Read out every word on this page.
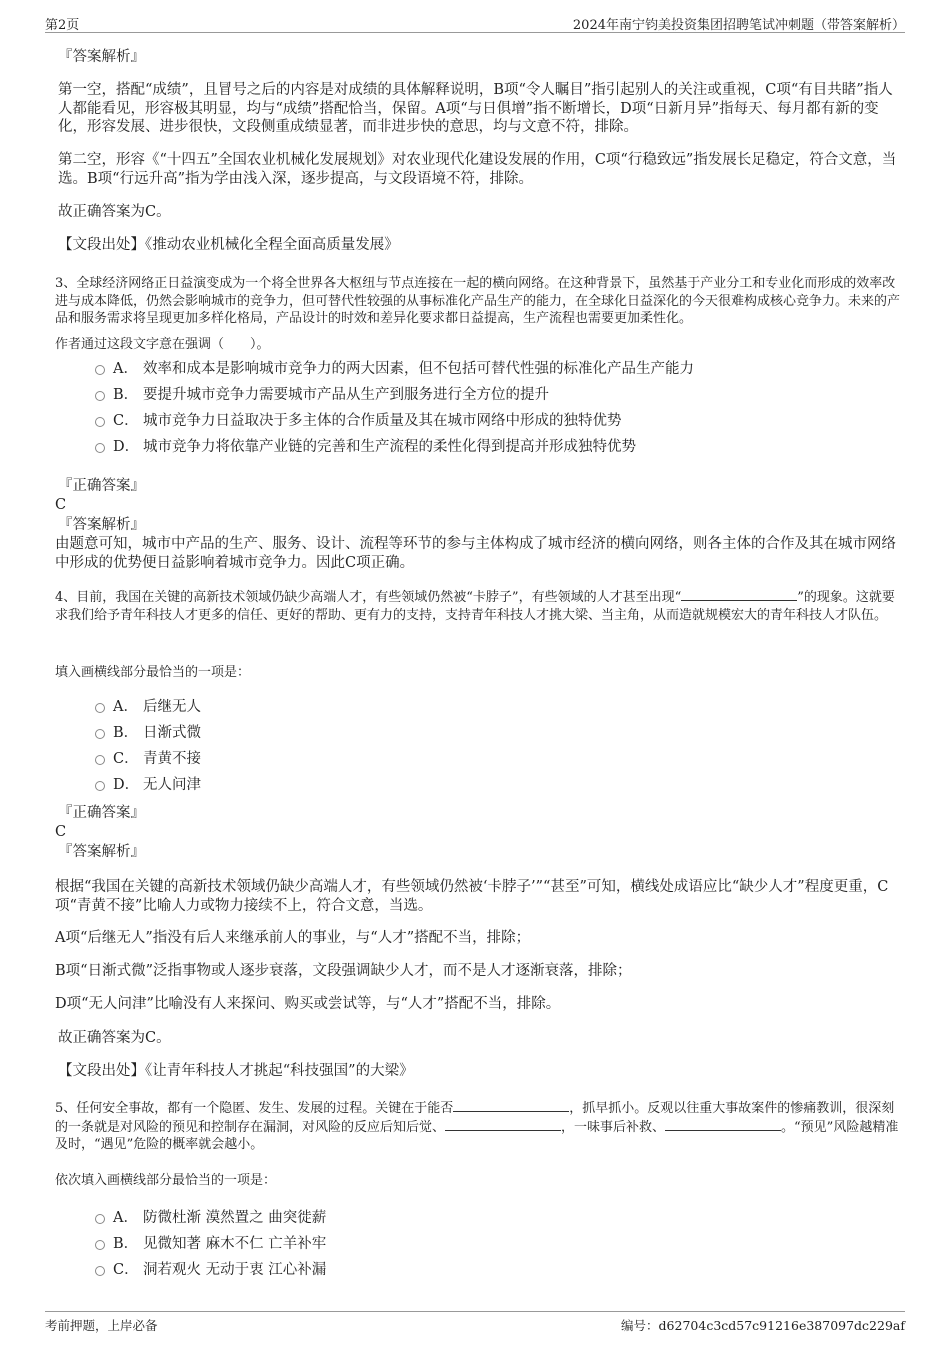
第2页	2024年南宁钧美投资集团招聘笔试冲刺题（带答案解析）
『答案解析』
第一空，搭配“成绩”，且冒号之后的内容是对成绩的具体解释说明，B项“令人瞩目”指引起别人的关注或重视，C项“有目共睹”指人人都能看见，形容极其明显，均与“成绩”搭配恰当，保留。A项“与日俱增”指不断增长，D项“日新月异”指每天、每月都有新的变化，形容发展、进步很快，文段侧重成绩显著，而非进步快的意思，均与文意不符，排除。
第二空，形容《“十四五”全国农业机械化发展规划》对农业现代化建设发展的作用，C项“行稳致远”指发展长足稳定，符合文意，当选。B项“行远升高”指为学由浅入深，逐步提高，与文段语境不符，排除。
故正确答案为C。
【文段出处】《推动农业机械化全程全面高质量发展》
3、全球经济网络正日益演变成为一个将全世界各大枢纽与节点连接在一起的横向网络。在这种背景下，虽然基于产业分工和专业化而形成的效率改进与成本降低，仍然会影响城市的竞争力，但可替代性较强的从事标准化产品生产的能力，在全球化日益深化的今天很难构成核心竞争力。未来的产品和服务需求将呈现更加多样化格局，产品设计的时效和差异化要求都日益提高，生产流程也需要更加柔性化。
作者通过这段文字意在强调（　　）。
A． 效率和成本是影响城市竞争力的两大因素，但不包括可替代性强的标准化产品生产能力
B． 要提升城市竞争力需要城市产品从生产到服务进行全方位的提升
C． 城市竞争力日益取决于多主体的合作质量及其在城市网络中形成的独特优势
D． 城市竞争力将依靠产业链的完善和生产流程的柔性化得到提高并形成独特优势
『正确答案』
C
『答案解析』
由题意可知，城市中产品的生产、服务、设计、流程等环节的参与主体构成了城市经济的横向网络，则各主体的合作及其在城市网络中形成的优势便日益影响着城市竞争力。因此C项正确。
4、目前，我国在关键的高新技术领域仍缺少高端人才，有些领域仍然被“卡脖子”，有些领域的人才甚至出现“	”的现象。这就要求我们给予青年科技人才更多的信任、更好的帮助、更有力的支持，支持青年科技人才挑大梁、当主角，从而造就规模宏大的青年科技人才队伍。
填入画横线部分最恰当的一项是：
A． 后继无人
B． 日渐式微
C． 青黄不接
D． 无人问津
『正确答案』
C
『答案解析』
根据“我国在关键的高新技术领域仍缺少高端人才，有些领域仍然被‘卡脖子’”“甚至”可知，横线处成语应比“缺少人才”程度更重，C项“青黄不接”比喻人力或物力接续不上，符合文意，当选。
A项“后继无人”指没有后人来继承前人的事业，与“人才”搭配不当，排除；
B项“日渐式微”泛指事物或人逐步衰落，文段强调缺少人才，而不是人才逐渐衰落，排除；
D项“无人问津”比喻没有人来探问、购买或尝试等，与“人才”搭配不当，排除。
故正确答案为C。
【文段出处】《让青年科技人才挑起“科技强国”的大梁》
5、任何安全事故，都有一个隐匿、发生、发展的过程。关键在于能否	，抓早抓小。反观以往重大事故案件的惨痛教训，很深刻的一条就是对风险的预见和控制存在漏洞，对风险的反应后知后觉、	，一味事后补救、	。“预见”风险越精准及时，“遇见”危险的概率就会越小。
依次填入画横线部分最恰当的一项是：
A． 防微杜渐 漠然置之 曲突徙薪
B． 见微知著 麻木不仁 亡羊补牢
C． 洞若观火 无动于衷 江心补漏
考前押题，上岸必备	编号：d62704c3cd57c91216e387097dc229af
